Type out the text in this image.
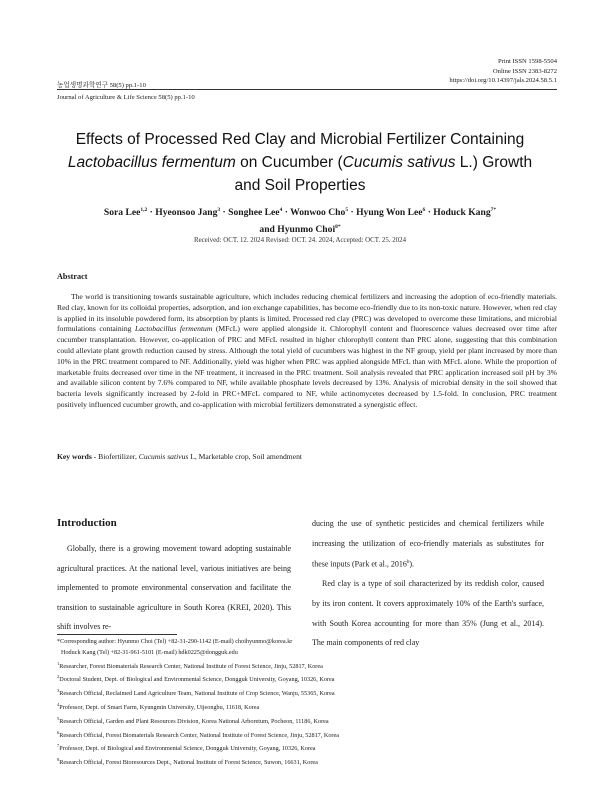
Print ISSN 1598-5504
Online ISSN 2383-8272
https://doi.org/10.14397/jals.2024.58.5.1
농업생명과학연구 58(5) pp.1-10
Journal of Agriculture & Life Science 58(5) pp.1-10
Effects of Processed Red Clay and Microbial Fertilizer Containing
Lactobacillus fermentum on Cucumber (Cucumis sativus L.) Growth
and Soil Properties
Sora Lee$^{1,2}$ · Hyeonsoo Jang$^3$ · Songhee Lee$^4$ · Wonwoo Cho$^5$ · Hyung Won Lee$^6$ · Hoduck Kang$^{7*}$
and Hyunmo Choi$^{8*}$
Received: OCT. 12. 2024 Revised: OCT. 24. 2024, Accepted: OCT. 25. 2024
Abstract
The world is transitioning towards sustainable agriculture, which includes reducing chemical fertilizers and increasing the adoption of eco-friendly materials. Red clay, known for its colloidal properties, adsorption, and ion exchange capabilities, has become eco-friendly due to its non-toxic nature. However, when red clay is applied in its insoluble powdered form, its absorption by plants is limited. Processed red clay (PRC) was developed to overcome these limitations, and microbial formulations containing Lactobacillus fermentum (MFcL) were applied alongside it. Chlorophyll content and fluorescence values decreased over time after cucumber transplantation. However, co-application of PRC and MFcL resulted in higher chlorophyll content than PRC alone, suggesting that this combination could alleviate plant growth reduction caused by stress. Although the total yield of cucumbers was highest in the NF group, yield per plant increased by more than 10% in the PRC treatment compared to NF. Additionally, yield was higher when PRC was applied alongside MFcL than with MFcL alone. While the proportion of marketable fruits decreased over time in the NF treatment, it increased in the PRC treatment. Soil analysis revealed that PRC application increased soil pH by 3% and available silicon content by 7.6% compared to NF, while available phosphate levels decreased by 13%. Analysis of microbial density in the soil showed that bacteria levels significantly increased by 2-fold in PRC+MFcL compared to NF, while actinomycetes decreased by 1.5-fold. In conclusion, PRC treatment positively influenced cucumber growth, and co-application with microbial fertilizers demonstrated a synergistic effect.
Key words - Biofertilizer, Cucumis sativus L, Marketable crop, Soil amendment
Introduction
Globally, there is a growing movement toward adopting sustainable agricultural practices. At the national level, various initiatives are being implemented to promote environmental conservation and facilitate the transition to sustainable agriculture in South Korea (KREI, 2020). This shift involves re-

ducing the use of synthetic pesticides and chemical fertilizers while increasing the utilization of eco-friendly materials as substitutes for these inputs (Park et al., 2016$^b$).

Red clay is a type of soil characterized by its reddish color, caused by its iron content. It covers approximately 10% of the Earth's surface, with South Korea accounting for more than 35% (Jung et al., 2014). The main components of red clay

*Corresponding author: Hyunmo Choi (Tel) +82-31-290-1142 (E-mail) choihyunmo@korea.kr
Hoduck Kang (Tel) +82-31-961-5101 (E-mail) hdk0225@dongguk.edu
$^1$Researcher, Forest Biomaterials Research Center, National Institute of Forest Science, Jinju, 52817, Korea
$^2$Doctoral Student, Dept. of Biological and Environmental Science, Dongguk University, Goyang, 10326, Korea
$^3$Research Official, Reclaimed Land Agriculture Team, National Institute of Crop Science, Wanju, 55365, Korea
$^4$Professor, Dept. of Smart Farm, Kyungmin University, Uijeongbu, 11618, Korea
$^5$Research Official, Garden and Plant Resources Division, Korea National Arboretum, Pocheon, 11186, Korea
$^6$Research Official, Forest Biomaterials Research Center, National Institute of Forest Science, Jinju, 52817, Korea
$^7$Professor, Dept. of Biological and Environmental Science, Dongguk University, Goyang, 10326, Korea
$^8$Research Official, Forest Bioresources Dept., National Institute of Forest Science, Suwon, 16631, Korea
